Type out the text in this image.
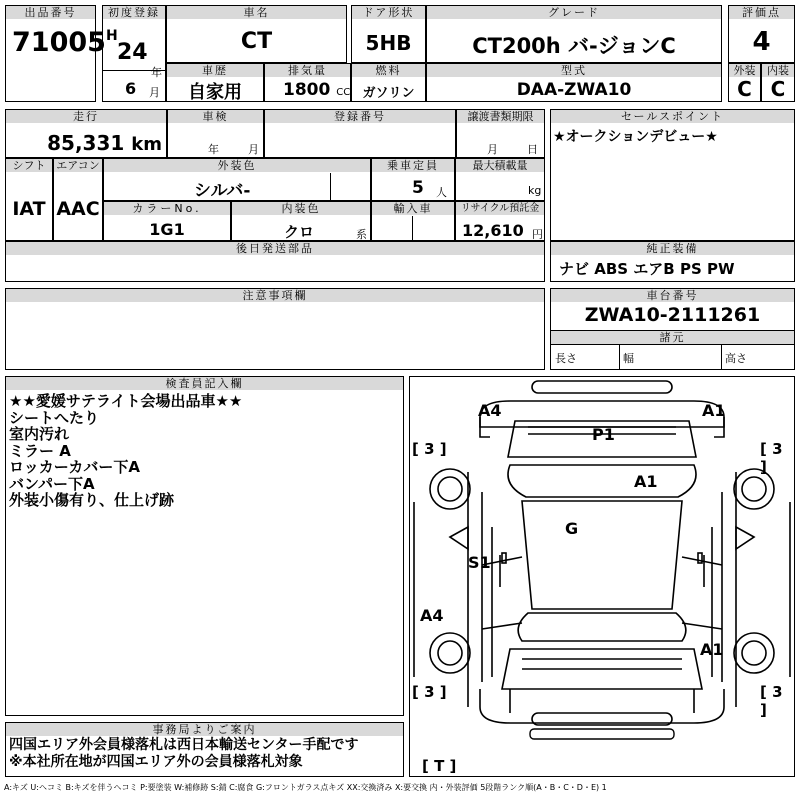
出品番号
71005
初度登録
H
24
年
6 月
車名
CT
ドア形状
5HB
グレード
CT200h バ-ジョンC
評価点
4
車歴
自家用
排気量
1800 CC
燃料
ガソリン
型式
DAA-ZWA10
外装
C
内装
C
走行
85,331 km
車検
年	月
登録番号	譲渡書類期限
月	日
セールスポイント
★オークションデビュー★
シフト
IAT
エアコン
AAC
外装色
シルバ-
乗車定員
5 人
最大積載量
kg
カラーNo.
1G1
内装色
クロ	系
輸入車	リサイクル預託金
12,610 円
後日発送部品	純正装備
ナビ ABS エアB PS PW
注意事項欄	車台番号
ZWA10-2111261
諸元
長さ	幅	高さ
検査員記入欄
★★愛媛サテライト会場出品車★★
シートへたり
室内汚れ
ミラー A
ロッカーカバー下A
バンパー下A
外装小傷有り、仕上げ跡
事務局よりご案内
四国エリア外会員様落札は西日本輸送センター手配です
※本社所在地が四国エリア外の会員様落札対象
A4	A1
P1
A1
G
S1
A4
A1
[ 3 ]	[ 3 ]
[ 3 ]	[ 3 ]
[ T ]
A:キズ U:ヘコミ B:キズを伴うヘコミ P:要塗装 W:補修跡 S:錆 C:腐食 G:フロントガラス点キズ XX:交換済み X:要交換 内・外装評価 5段階ランク順(A・B・C・D・E) 1
